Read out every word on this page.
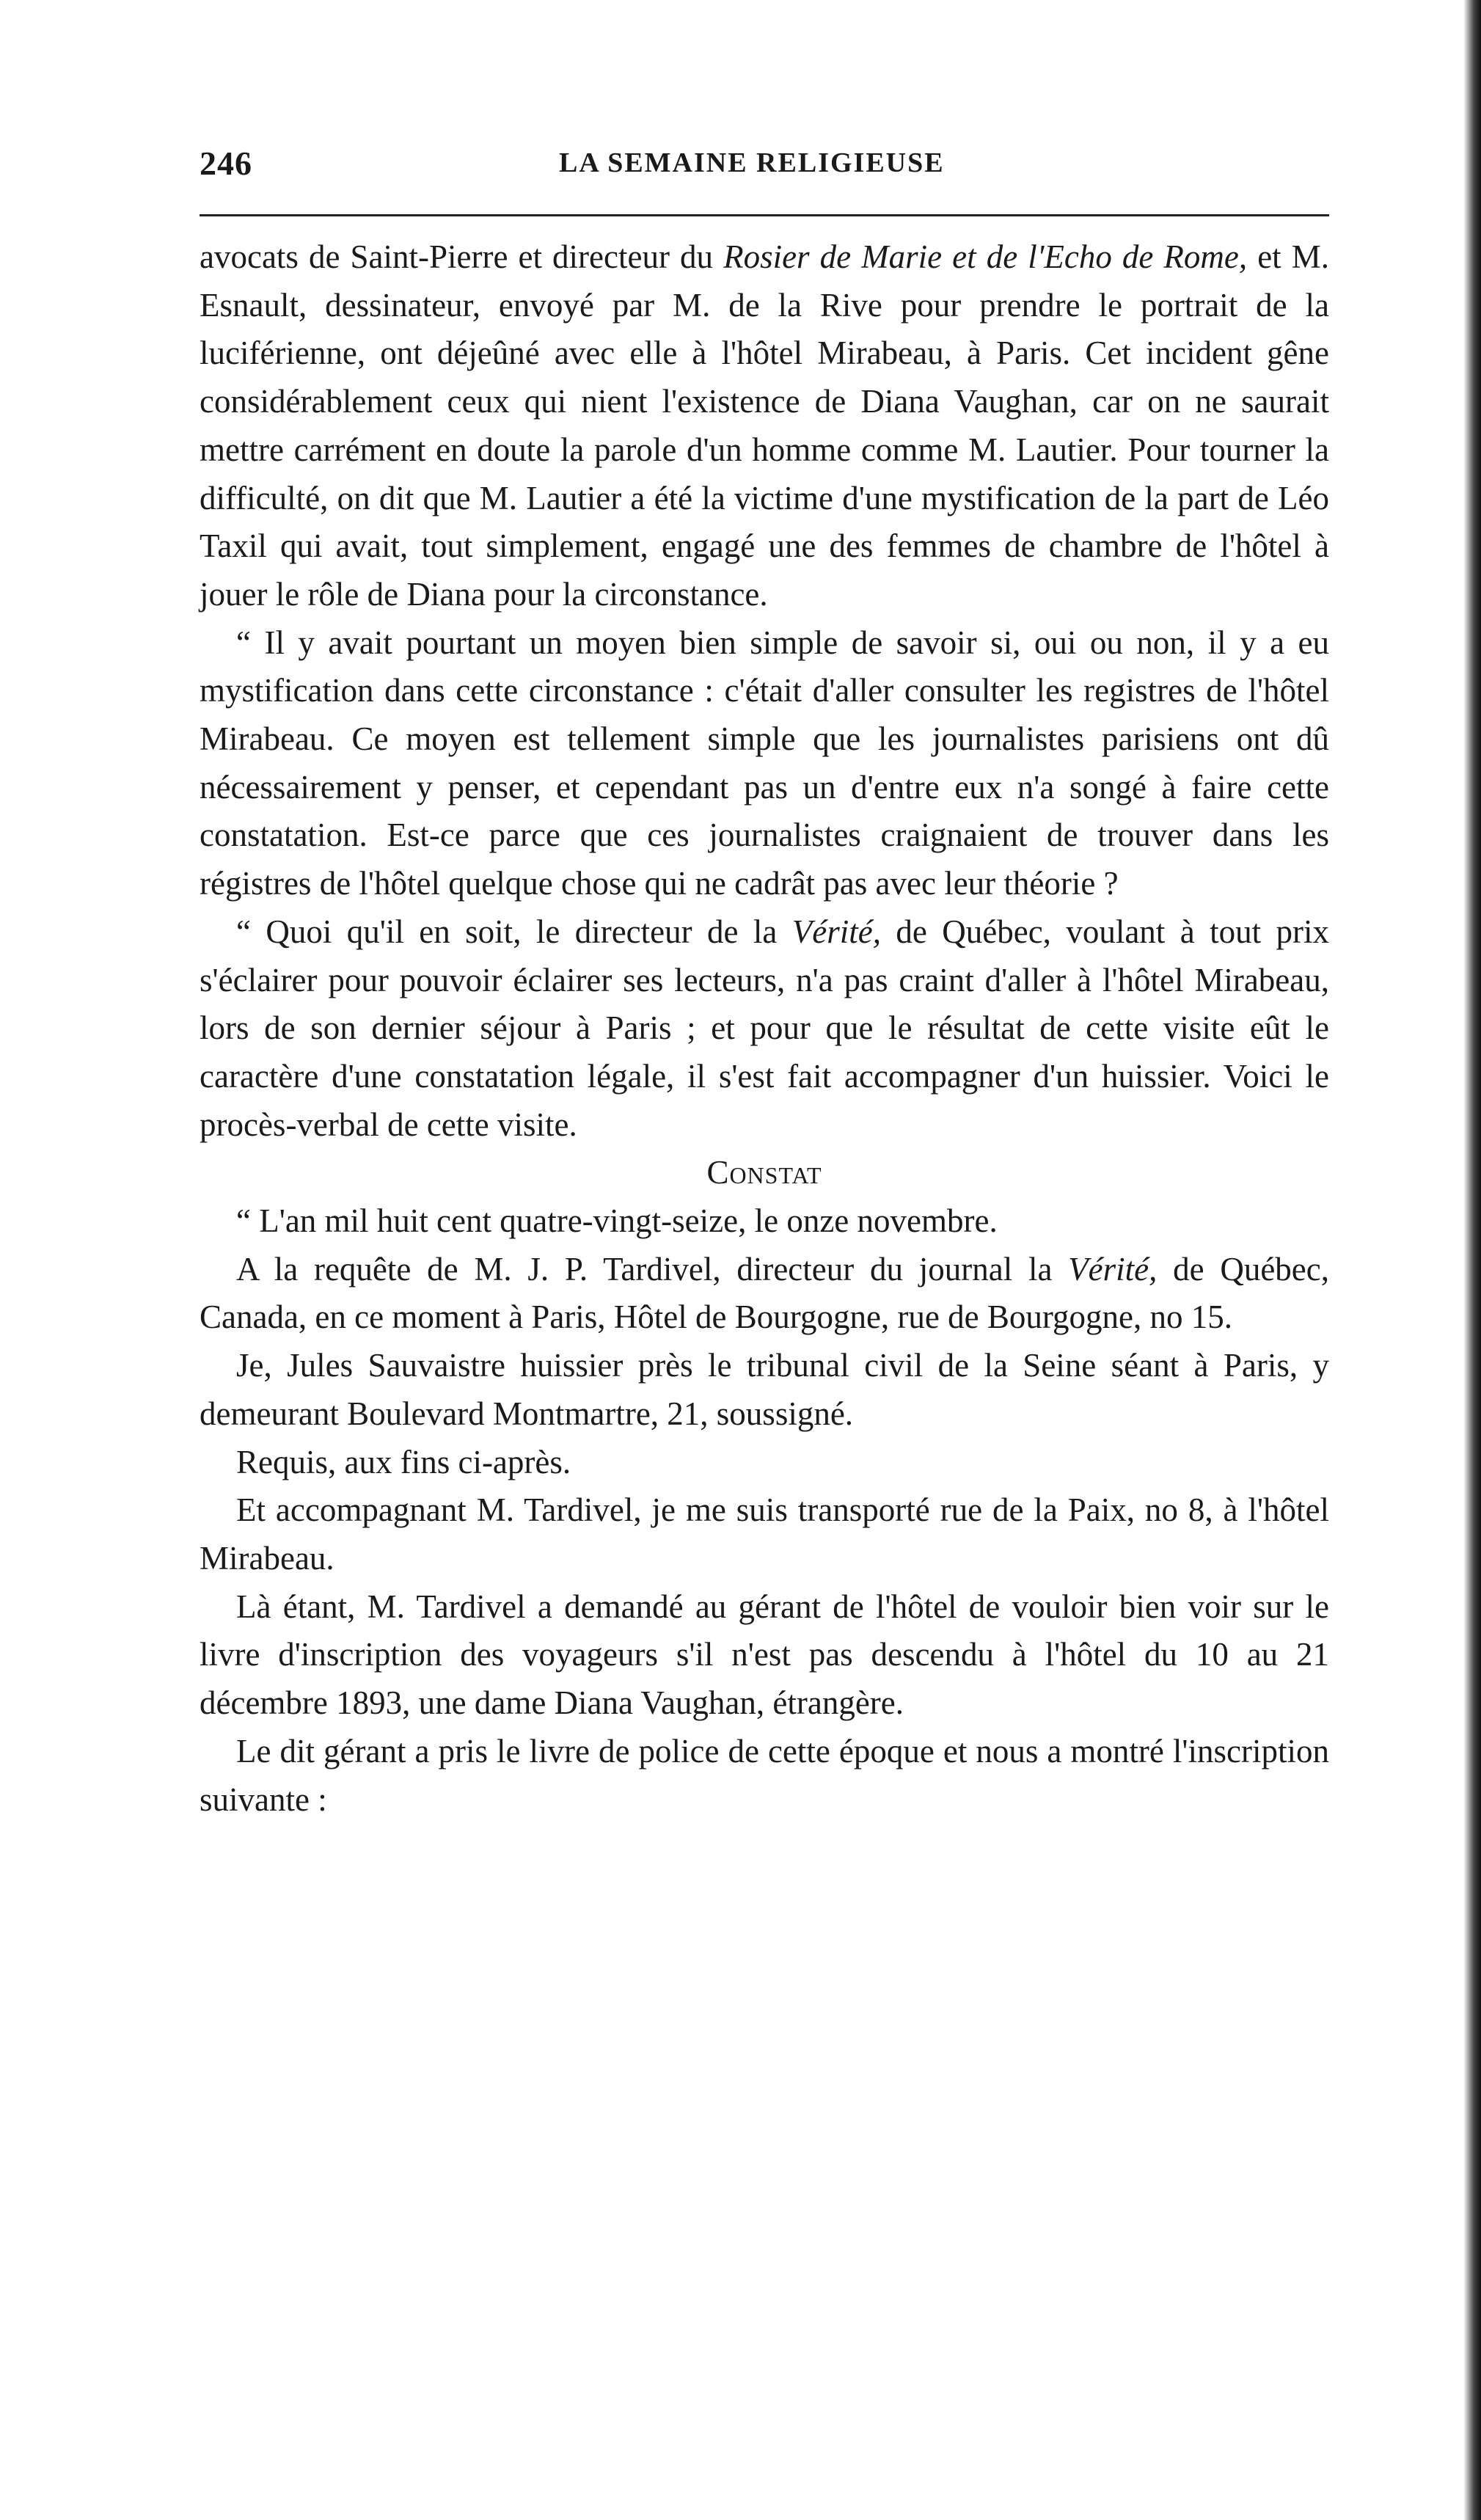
246	LA SEMAINE RELIGIEUSE

avocats de Saint-Pierre et directeur du Rosier de Marie et de l'Echo de Rome, et M. Esnault, dessinateur, envoyé par M. de la Rive pour prendre le portrait de la luciférienne, ont déjeûné avec elle à l'hôtel Mirabeau, à Paris. Cet incident gêne considérablement ceux qui nient l'existence de Diana Vaughan, car on ne saurait mettre carrément en doute la parole d'un homme comme M. Lautier. Pour tourner la difficulté, on dit que M. Lautier a été la victime d'une mystification de la part de Léo Taxil qui avait, tout simplement, engagé une des femmes de chambre de l'hôtel à jouer le rôle de Diana pour la circonstance.

“ Il y avait pourtant un moyen bien simple de savoir si, oui ou non, il y a eu mystification dans cette circonstance : c'était d'aller consulter les registres de l'hôtel Mirabeau. Ce moyen est tellement simple que les journalistes parisiens ont dû nécessairement y penser, et cependant pas un d'entre eux n'a songé à faire cette constatation. Est-ce parce que ces journalistes craignaient de trouver dans les régistres de l'hôtel quelque chose qui ne cadrât pas avec leur théorie ?

“ Quoi qu'il en soit, le directeur de la Vérité, de Québec, voulant à tout prix s'éclairer pour pouvoir éclairer ses lecteurs, n'a pas craint d'aller à l'hôtel Mirabeau, lors de son dernier séjour à Paris ; et pour que le résultat de cette visite eût le caractère d'une constatation légale, il s'est fait accompagner d'un huissier. Voici le procès-verbal de cette visite.

Constat

“ L'an mil huit cent quatre-vingt-seize, le onze novembre.

A la requête de M. J. P. Tardivel, directeur du journal la Vérité, de Québec, Canada, en ce moment à Paris, Hôtel de Bourgogne, rue de Bourgogne, no 15.

Je, Jules Sauvaistre huissier près le tribunal civil de la Seine séant à Paris, y demeurant Boulevard Montmartre, 21, soussigné.

Requis, aux fins ci-après.

Et accompagnant M. Tardivel, je me suis transporté rue de la Paix, no 8, à l'hôtel Mirabeau.

Là étant, M. Tardivel a demandé au gérant de l'hôtel de vouloir bien voir sur le livre d'inscription des voyageurs s'il n'est pas descendu à l'hôtel du 10 au 21 décembre 1893, une dame Diana Vaughan, étrangère.

Le dit gérant a pris le livre de police de cette époque et nous a montré l'inscription suivante :
